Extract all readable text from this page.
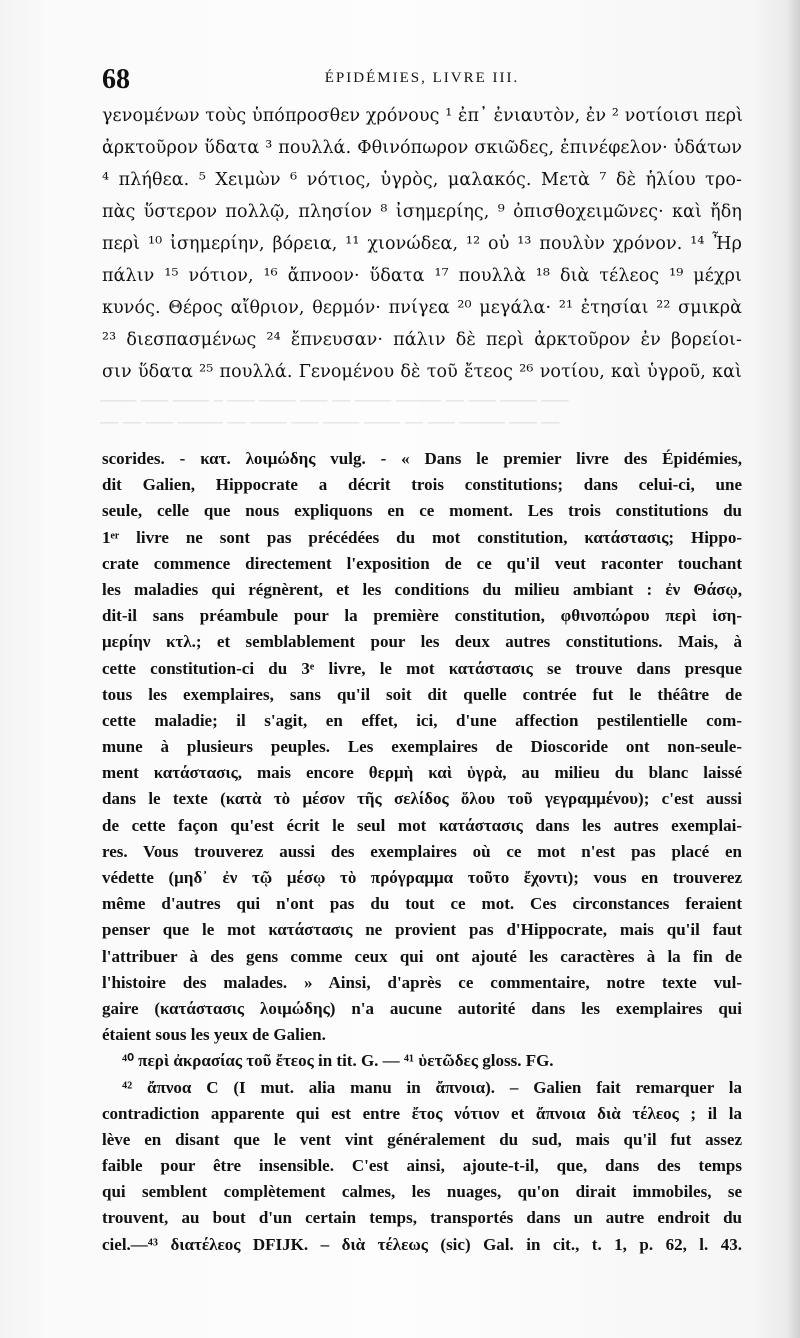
68	ÉPIDÉMIES, LIVRE III.
γενομένων τοὺς ὑπόπροσθεν χρόνους ¹ ἐπ᾽ ἐνιαυτὸν, ἐν ² νοτίοισι περὶ
ἀρκτοῦρον ὕδατα ³ πουλλά. Φθινόπωρον σκιῶδες, ἐπινέφελον· ὑδάτων
⁴ πλήθεα. ⁵ Χειμὼν ⁶ νότιος, ὑγρὸς, μαλακός. Μετὰ ⁷ δὲ ἡλίου τρο-
πὰς ὕστερον πολλῷ, πλησίον ⁸ ἰσημερίης, ⁹ ὀπισθοχειμῶνες· καὶ ἤδη
περὶ ¹⁰ ἰσημερίην, βόρεια, ¹¹ χιονώδεα, ¹² οὐ ¹³ πουλὺν χρόνον. ¹⁴ Ἦρ
πάλιν ¹⁵ νότιον, ¹⁶ ἄπνοον· ὕδατα ¹⁷ πουλλὰ ¹⁸ διὰ τέλεος ¹⁹ μέχρι
κυνός. Θέρος αἴθριον, θερμόν· πνίγεα ²⁰ μεγάλα· ²¹ ἐτησίαι ²² σμικρὰ
²³ διεσπασμένως ²⁴ ἔπνευσαν· πάλιν δὲ περὶ ἀρκτοῦρον ἐν βορείοι-
σιν ὕδατα ²⁵ πουλλά. Γενομένου δὲ τοῦ ἔτεος ²⁶ νοτίου, καὶ ὑγροῦ, καὶ
──── ─── ──── ─ ─── ──── ─── ── ──── ───── ── ─── ──── ───
── ── ─── ───── ── ──── ─── ──── ──── ── ─── ───── ─── ──
scorides. - κατ. λοιμώδης vulg. - « Dans le premier livre des Épidémies,
dit Galien, Hippocrate a décrit trois constitutions; dans celui-ci, une
seule, celle que nous expliquons en ce moment. Les trois constitutions du
1ᵉʳ livre ne sont pas précédées du mot constitution, κατάστασις; Hippo-
crate commence directement l'exposition de ce qu'il veut raconter touchant
les maladies qui régnèrent, et les conditions du milieu ambiant : ἐν Θάσῳ,
dit-il sans préambule pour la première constitution, φθινοπώρου περὶ ἰση-
μερίην κτλ.; et semblablement pour les deux autres constitutions. Mais, à
cette constitution-ci du 3ᵉ livre, le mot κατάστασις se trouve dans presque
tous les exemplaires, sans qu'il soit dit quelle contrée fut le théâtre de
cette maladie; il s'agit, en effet, ici, d'une affection pestilentielle com-
mune à plusieurs peuples. Les exemplaires de Dioscoride ont non-seule-
ment κατάστασις, mais encore θερμὴ καὶ ὑγρὰ, au milieu du blanc laissé
dans le texte (κατὰ τὸ μέσον τῆς σελίδος ὅλου τοῦ γεγραμμένου); c'est aussi
de cette façon qu'est écrit le seul mot κατάστασις dans les autres exemplai-
res. Vous trouverez aussi des exemplaires où ce mot n'est pas placé en
védette (μηδ᾽ ἐν τῷ μέσῳ τὸ πρόγραμμα τοῦτο ἔχοντι); vous en trouverez
même d'autres qui n'ont pas du tout ce mot. Ces circonstances feraient
penser que le mot κατάστασις ne provient pas d'Hippocrate, mais qu'il faut
l'attribuer à des gens comme ceux qui ont ajouté les caractères à la fin de
l'histoire des malades. » Ainsi, d'après ce commentaire, notre texte vul-
gaire (κατάστασις λοιμώδης) n'a aucune autorité dans les exemplaires qui
étaient sous les yeux de Galien.
⁴⁰ περὶ ἀκρασίας τοῦ ἔτεος in tit. G. — ⁴¹ ὑετῶδες gloss. FG.
⁴² ἄπνοα C (I mut. alia manu in ἄπνοια). – Galien fait remarquer la
contradiction apparente qui est entre ἔτος νότιον et ἄπνοια διὰ τέλεος ; il la
lève en disant que le vent vint généralement du sud, mais qu'il fut assez
faible pour être insensible. C'est ainsi, ajoute-t-il, que, dans des temps
qui semblent complètement calmes, les nuages, qu'on dirait immobiles, se
trouvent, au bout d'un certain temps, transportés dans un autre endroit du
ciel.—⁴³ διατέλεος DFIJK. – διὰ τέλεως (sic) Gal. in cit., t. 1, p. 62, l. 43.
